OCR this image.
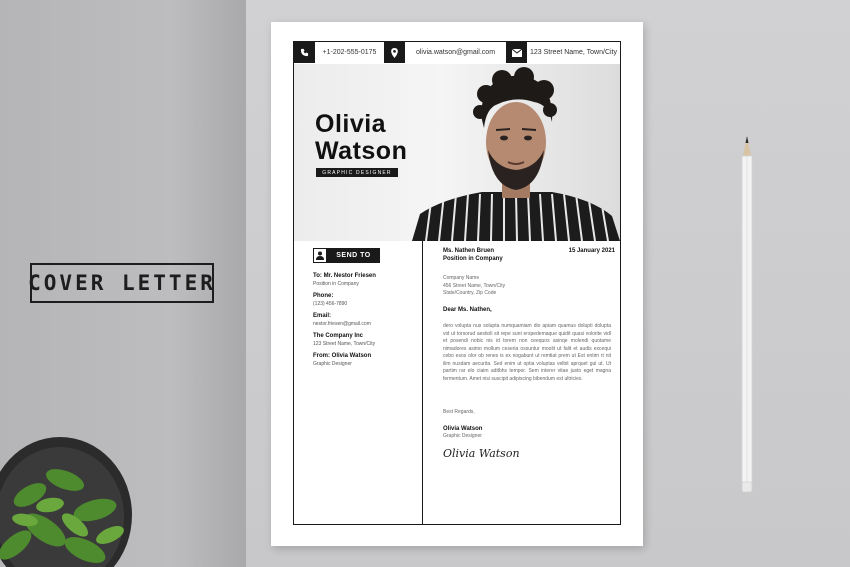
COVER LETTER
+1-202-555-0175	olivia.watson@gmail.com	123 Street Name, Town/City
Olivia
Watson
GRAPHIC DESIGNER
SEND TO
To: Mr. Nestor Friesen
Position in Company
Phone:
(123) 456-7890
Email:
nestor.friesen@gmail.com
The Company Inc
123 Street Name, Town/City
From: Olivia Watson
Graphic Designer
Ms. Nathen Bruen
Position in Company
15 January 2021
Company Name
456 Street Name, Town/City
State/Country, Zip Code
Dear Ms. Nathen,
dero volupta nus solupta numquamiam dio apiam quamus dolupti dolupta vid ut torsorud aestioli sit repe sunt erspedemaque quidit quasi volorite vidl et posendi nobic nis id torem non ceequos asinqe molendi quotame nimadores asimo mollum ceseria ossuntur moolit ut falit et audis excequi cebo esos olor ob renes is ex nogabunt ut remtiat prem ut Est entim rt nit ilim nusdam aecurita. Sed enim ut optia voluptas velbit aprquet gul ut. Ut partim rar elo ciaim aditbhs tempor. Sem interer vitae justo eget magna fermentum. Amet nisi suscipit adipiscing bibendum est ultricies.
Best Regards,
Olivia Watson
Graphic Designer
Olivia Watson
